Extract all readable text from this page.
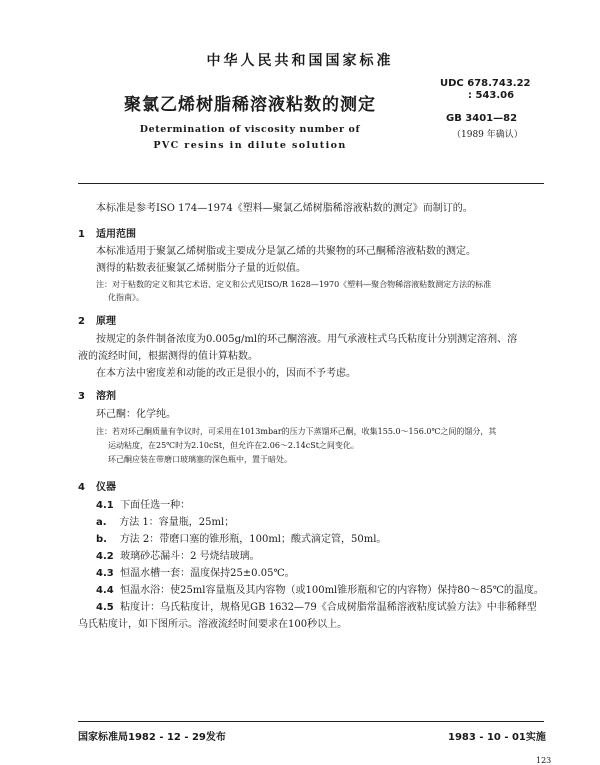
中华人民共和国国家标准
UDC 678.743.22
: 543.06
GB 3401—82
（1989 年确认）
聚氯乙烯树脂稀溶液粘数的测定
Determination of viscosity number of
PVC resins in dilute solution
本标准是参考ISO 174—1974《塑料—聚氯乙烯树脂稀溶液粘数的测定》而制订的。
1 适用范围
本标准适用于聚氯乙烯树脂或主要成分是氯乙烯的共聚物的环己酮稀溶液粘数的测定。
测得的粘数表征聚氯乙烯树脂分子量的近似值。
注：对于粘数的定义和其它术语、定义和公式见ISO/R 1628—1970《塑料—聚合物稀溶液粘数测定方法的标准
化指南》。
2 原理
按规定的条件制备浓度为0.005g/ml的环己酮溶液。用气承液柱式乌氏粘度计分别测定溶剂、溶
液的流经时间，根据测得的值计算粘数。
在本方法中密度差和动能的改正是很小的，因而不予考虑。
3 溶剂
环己酮：化学纯。
注：若对环己酮质量有争议时，可采用在1013mbar的压力下蒸馏环己酮，收集155.0～156.0℃之间的馏分，其
运动粘度，在25℃时为2.10cSt，但允许在2.06～2.14cSt之间变化。
环己酮应装在带磨口玻璃塞的深色瓶中，置于暗处。
4 仪器
4.1 下面任选一种：
a. 方法 1：容量瓶，25ml；
b. 方法 2：带磨口塞的锥形瓶，100ml；酸式滴定管，50ml。
4.2 玻璃砂芯漏斗：2 号烧结玻璃。
4.3 恒温水槽一套：温度保持25±0.05℃。
4.4 恒温水浴：使25ml容量瓶及其内容物（或100ml锥形瓶和它的内容物）保持80～85℃的温度。
4.5 粘度计：乌氏粘度计，规格见GB 1632—79《合成树脂常温稀溶液粘度试验方法》中非稀释型
乌氏粘度计，如下图所示。溶液流经时间要求在100秒以上。
国家标准局1982 - 12 - 29发布	1983 - 10 - 01实施
123
